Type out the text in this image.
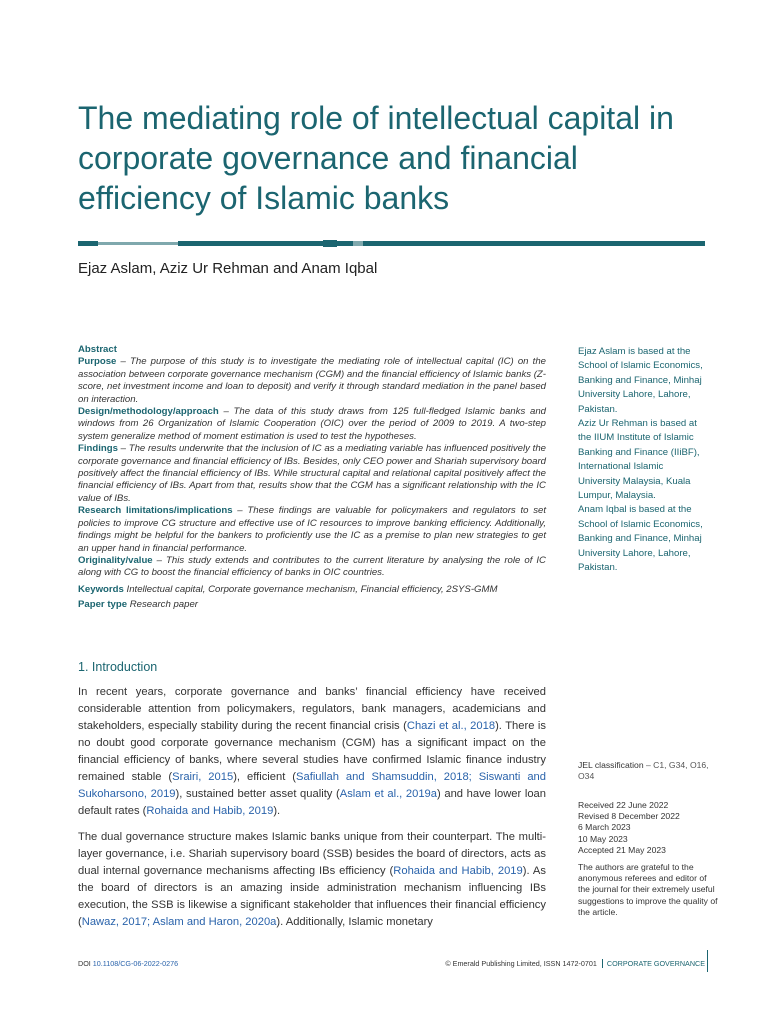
The mediating role of intellectual capital in
corporate governance and financial
efficiency of Islamic banks
Ejaz Aslam, Aziz Ur Rehman and Anam Iqbal

Abstract

Purpose – The purpose of this study is to investigate the mediating role of intellectual capital (IC) on the association between corporate governance mechanism (CGM) and the financial efficiency of Islamic banks (Z-score, net investment income and loan to deposit) and verify it through standard mediation in the panel based on interaction.

Design/methodology/approach – The data of this study draws from 125 full-fledged Islamic banks and windows from 26 Organization of Islamic Cooperation (OIC) over the period of 2009 to 2019. A two-step system generalize method of moment estimation is used to test the hypotheses.

Findings – The results underwrite that the inclusion of IC as a mediating variable has influenced positively the corporate governance and financial efficiency of IBs. Besides, only CEO power and Shariah supervisory board positively affect the financial efficiency of IBs. While structural capital and relational capital positively affect the financial efficiency of IBs. Apart from that, results show that the CGM has a significant relationship with the IC value of IBs.

Research limitations/implications – These findings are valuable for policymakers and regulators to set policies to improve CG structure and effective use of IC resources to improve banking efficiency. Additionally, findings might be helpful for the bankers to proficiently use the IC as a premise to plan new strategies to get an upper hand in financial performance.

Originality/value – This study extends and contributes to the current literature by analysing the role of IC along with CG to boost the financial efficiency of banks in OIC countries.

Keywords Intellectual capital, Corporate governance mechanism, Financial efficiency, 2SYS-GMM

Paper type Research paper

Ejaz Aslam is based at the School of Islamic Economics, Banking and Finance, Minhaj University Lahore, Lahore, Pakistan.

Aziz Ur Rehman is based at the IIUM Institute of Islamic Banking and Finance (IIiBF), International Islamic University Malaysia, Kuala Lumpur, Malaysia.

Anam Iqbal is based at the School of Islamic Economics, Banking and Finance, Minhaj University Lahore, Lahore, Pakistan.

1. Introduction

In recent years, corporate governance and banks’ financial efficiency have received considerable attention from policymakers, regulators, bank managers, academicians and stakeholders, especially stability during the recent financial crisis (Chazi et al., 2018). There is no doubt good corporate governance mechanism (CGM) has a significant impact on the financial efficiency of banks, where several studies have confirmed Islamic finance industry remained stable (Srairi, 2015), efficient (Safiullah and Shamsuddin, 2018; Siswanti and Sukoharsono, 2019), sustained better asset quality (Aslam et al., 2019a) and have lower loan default rates (Rohaida and Habib, 2019).

The dual governance structure makes Islamic banks unique from their counterpart. The multi-layer governance, i.e. Shariah supervisory board (SSB) besides the board of directors, acts as dual internal governance mechanisms affecting IBs efficiency (Rohaida and Habib, 2019). As the board of directors is an amazing inside administration mechanism influencing IBs execution, the SSB is likewise a significant stakeholder that influences their financial efficiency (Nawaz, 2017; Aslam and Haron, 2020a). Additionally, Islamic monetary

JEL classification – C1, G34, O16, O34

Received 22 June 2022

Revised 8 December 2022

6 March 2023

10 May 2023

Accepted 21 May 2023

The authors are grateful to the anonymous referees and editor of the journal for their extremely useful suggestions to improve the quality of the article.

DOI 10.1108/CG-06-2022-0276	© Emerald Publishing Limited, ISSN 1472-0701 CORPORATE GOVERNANCE
